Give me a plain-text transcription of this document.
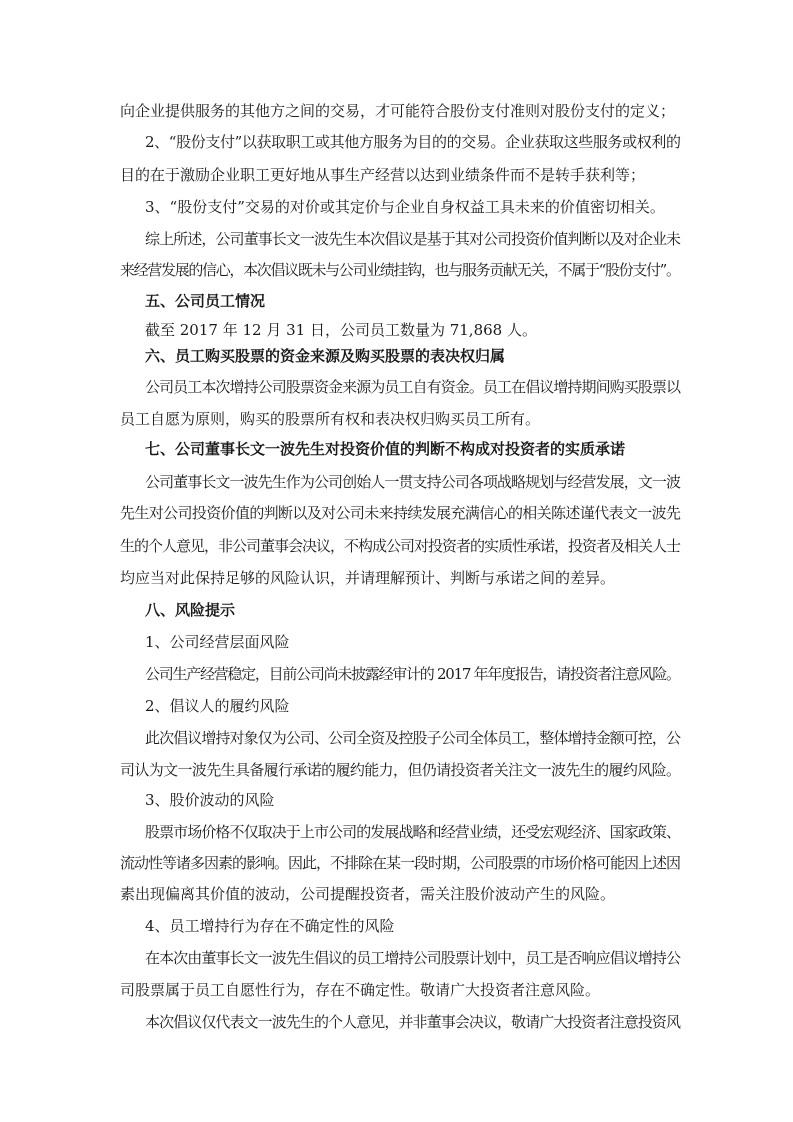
向企业提供服务的其他方之间的交易，才可能符合股份支付准则对股份支付的定义；
2、“股份支付”以获取职工或其他方服务为目的的交易。企业获取这些服务或权利的
目的在于激励企业职工更好地从事生产经营以达到业绩条件而不是转手获利等；
3、“股份支付”交易的对价或其定价与企业自身权益工具未来的价值密切相关。
综上所述，公司董事长文一波先生本次倡议是基于其对公司投资价值判断以及对企业未
来经营发展的信心，本次倡议既未与公司业绩挂钩，也与服务贡献无关，不属于“股份支付”。
五、公司员工情况
截至 2017 年 12 月 31 日，公司员工数量为 71,868 人。
六、员工购买股票的资金来源及购买股票的表决权归属
公司员工本次增持公司股票资金来源为员工自有资金。员工在倡议增持期间购买股票以
员工自愿为原则，购买的股票所有权和表决权归购买员工所有。
七、公司董事长文一波先生对投资价值的判断不构成对投资者的实质承诺
公司董事长文一波先生作为公司创始人一贯支持公司各项战略规划与经营发展，文一波
先生对公司投资价值的判断以及对公司未来持续发展充满信心的相关陈述谨代表文一波先
生的个人意见，非公司董事会决议，不构成公司对投资者的实质性承诺，投资者及相关人士
均应当对此保持足够的风险认识，并请理解预计、判断与承诺之间的差异。
八、风险提示
1、公司经营层面风险
公司生产经营稳定，目前公司尚未披露经审计的 2017 年年度报告，请投资者注意风险。
2、倡议人的履约风险
此次倡议增持对象仅为公司、公司全资及控股子公司全体员工，整体增持金额可控，公
司认为文一波先生具备履行承诺的履约能力，但仍请投资者关注文一波先生的履约风险。
3、股价波动的风险
股票市场价格不仅取决于上市公司的发展战略和经营业绩，还受宏观经济、国家政策、
流动性等诸多因素的影响。因此，不排除在某一段时期，公司股票的市场价格可能因上述因
素出现偏离其价值的波动，公司提醒投资者，需关注股价波动产生的风险。
4、员工增持行为存在不确定性的风险
在本次由董事长文一波先生倡议的员工增持公司股票计划中，员工是否响应倡议增持公
司股票属于员工自愿性行为，存在不确定性。敬请广大投资者注意风险。
本次倡议仅代表文一波先生的个人意见，并非董事会决议，敬请广大投资者注意投资风
